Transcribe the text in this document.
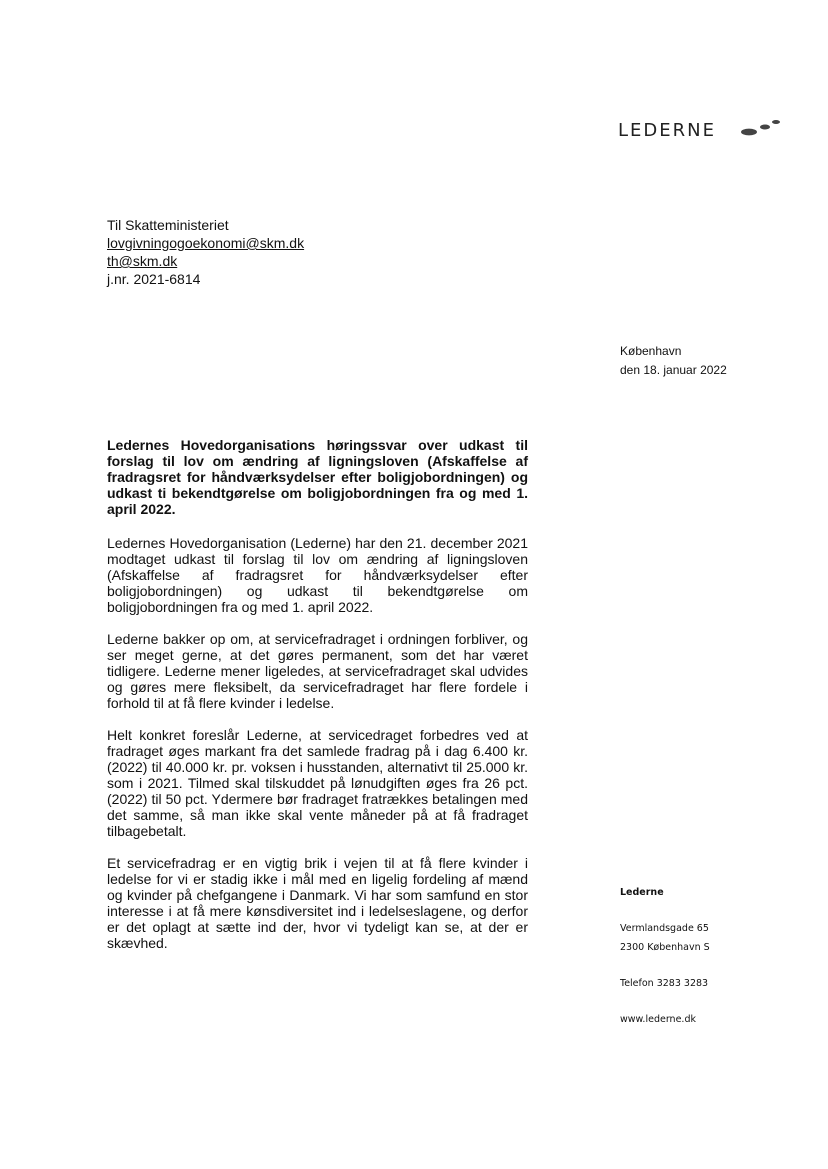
LEDERNE
Til Skatteministeriet
lovgivningogoekonomi@skm.dk
th@skm.dk
j.nr. 2021-6814
København
den 18. januar 2022

Ledernes Hovedorganisations høringssvar over udkast til forslag til lov om ændring af ligningsloven (Afskaffelse af fradragsret for håndværksydelser efter boligjobordningen) og udkast ti bekendtgørelse om boligjobordningen fra og med 1. april 2022.

Ledernes Hovedorganisation (Lederne) har den 21. december 2021 modtaget udkast til forslag til lov om ændring af ligningsloven (Afskaffelse af fradragsret for håndværksydelser efter boligjobordningen) og udkast til bekendtgørelse om boligjobordningen fra og med 1. april 2022.

Lederne bakker op om, at servicefradraget i ordningen forbliver, og ser meget gerne, at det gøres permanent, som det har været tidligere. Lederne mener ligeledes, at servicefradraget skal udvides og gøres mere fleksibelt, da servicefradraget har flere fordele i forhold til at få flere kvinder i ledelse.

Helt konkret foreslår Lederne, at servicedraget forbedres ved at fradraget øges markant fra det samlede fradrag på i dag 6.400 kr. (2022) til 40.000 kr. pr. voksen i husstanden, alternativt til 25.000 kr. som i 2021. Tilmed skal tilskuddet på lønudgiften øges fra 26 pct. (2022) til 50 pct. Ydermere bør fradraget fratrækkes betalingen med det samme, så man ikke skal vente måneder på at få fradraget tilbagebetalt.

Et servicefradrag er en vigtig brik i vejen til at få flere kvinder i ledelse for vi er stadig ikke i mål med en ligelig fordeling af mænd og kvinder på chefgangene i Danmark. Vi har som samfund en stor interesse i at få mere kønsdiversitet ind i ledelseslagene, og derfor er det oplagt at sætte ind der, hvor vi tydeligt kan se, at der er skævhed.

Lederne
Vermlandsgade 65
2300 København S
Telefon 3283 3283
www.lederne.dk
